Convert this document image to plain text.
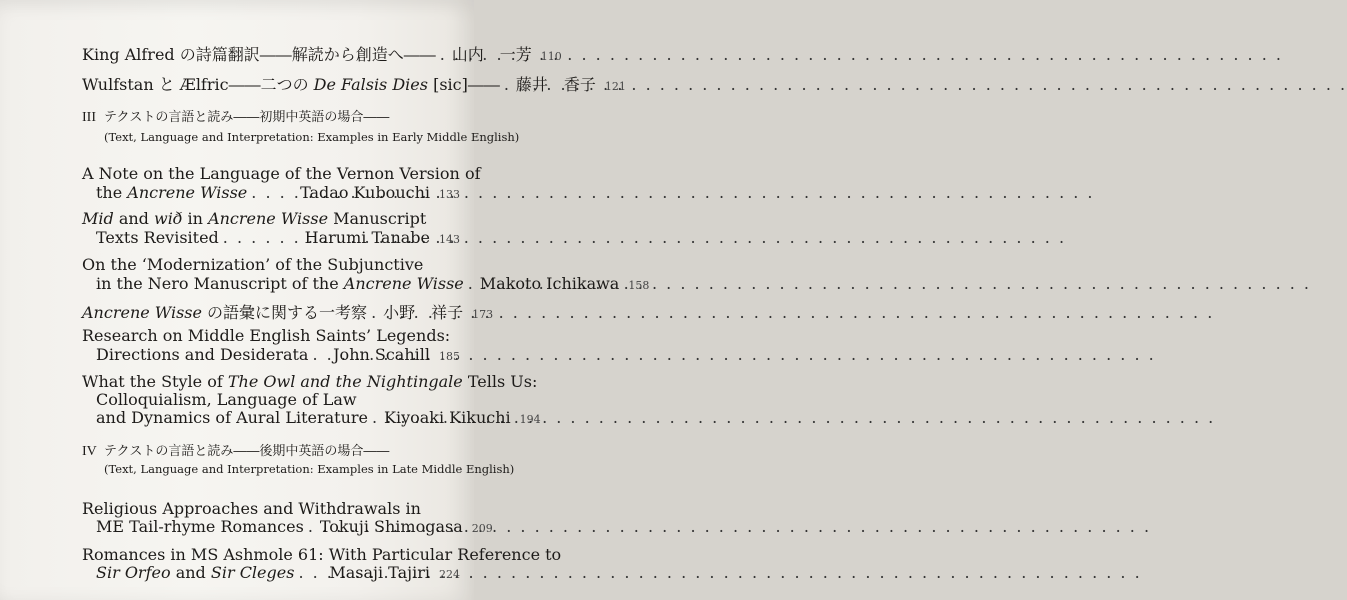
King Alfred の詩篇翻訳――解読から創造へ―― . . . 山内　一芳 110
Wulfstan と Ælfric――二つの De Falsis Dies [sic]―― . . . 藤井　香子 121
III テクストの言語と読み――初期中英語の場合――
(Text, Language and Interpretation: Examples in Early Middle English)
A Note on the Language of the Vernon Version of
the Ancrene Wisse . . .	Tadao Kubouchi 133
Mid and wið in Ancrene Wisse Manuscript
Texts Revisited . . .	Harumi Tanabe 143
On the ‘Modernization’ of the Subjunctive
in the Nero Manuscript of the Ancrene Wisse . . . Makoto Ichikawa 158
Ancrene Wisse の語彙に関する一考察 . . . 小野　祥子 173
Research on Middle English Saints’ Legends:
Directions and Desiderata . . . John Scahill 185
What the Style of The Owl and the Nightingale Tells Us:
Colloquialism, Language of Law
and Dynamics of Aural Literature . . . Kiyoaki Kikuchi 194
IV テクストの言語と読み――後期中英語の場合――
(Text, Language and Interpretation: Examples in Late Middle English)
Religious Approaches and Withdrawals in
ME Tail-rhyme Romances . . . Tokuji Shimogasa 209
Romances in MS Ashmole 61: With Particular Reference to
Sir Orfeo and Sir Cleges . . . Masaji Tajiri 224
